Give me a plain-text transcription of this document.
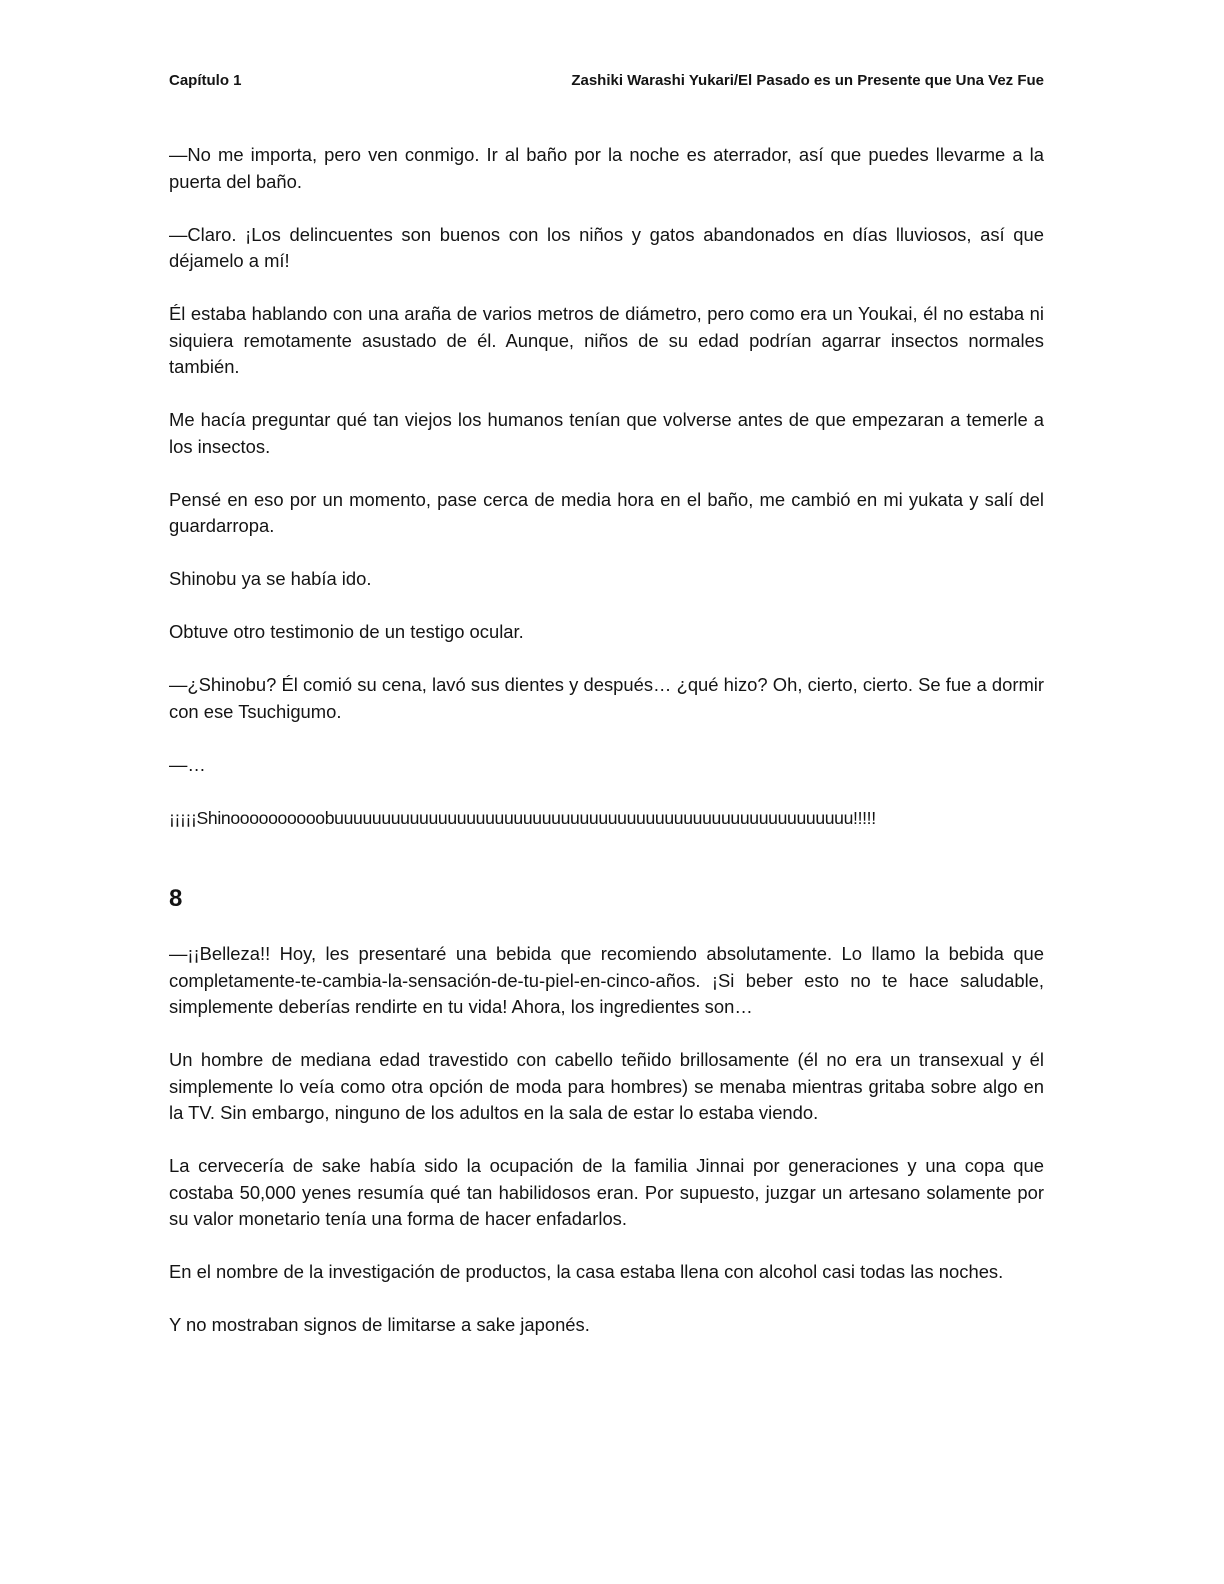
Capítulo 1	Zashiki Warashi Yukari/El Pasado es un Presente que Una Vez Fue

—No me importa, pero ven conmigo. Ir al baño por la noche es aterrador, así que puedes llevarme a la puerta del baño.

—Claro. ¡Los delincuentes son buenos con los niños y gatos abandonados en días lluviosos, así que déjamelo a mí!

Él estaba hablando con una araña de varios metros de diámetro, pero como era un Youkai, él no estaba ni siquiera remotamente asustado de él. Aunque, niños de su edad podrían agarrar insectos normales también.

Me hacía preguntar qué tan viejos los humanos tenían que volverse antes de que empezaran a temerle a los insectos.

Pensé en eso por un momento, pase cerca de media hora en el baño, me cambió en mi yukata y salí del guardarropa.

Shinobu ya se había ido.

Obtuve otro testimonio de un testigo ocular.

—¿Shinobu? Él comió su cena, lavó sus dientes y después… ¿qué hizo? Oh, cierto, cierto. Se fue a dormir con ese Tsuchigumo.

—…

¡¡¡¡¡Shinoooooooooobuuuuuuuuuuuuuuuuuuuuuuuuuuuuuuuuuuuuuuuuuuuuuuuuuuuuuuu!!!!!

8

—¡¡Belleza!! Hoy, les presentaré una bebida que recomiendo absolutamente. Lo llamo la bebida que completamente-te-cambia-la-sensación-de-tu-piel-en-cinco-años. ¡Si beber esto no te hace saludable, simplemente deberías rendirte en tu vida! Ahora, los ingredientes son…

Un hombre de mediana edad travestido con cabello teñido brillosamente (él no era un transexual y él simplemente lo veía como otra opción de moda para hombres) se menaba mientras gritaba sobre algo en la TV. Sin embargo, ninguno de los adultos en la sala de estar lo estaba viendo.

La cervecería de sake había sido la ocupación de la familia Jinnai por generaciones y una copa que costaba 50,000 yenes resumía qué tan habilidosos eran. Por supuesto, juzgar un artesano solamente por su valor monetario tenía una forma de hacer enfadarlos.

En el nombre de la investigación de productos, la casa estaba llena con alcohol casi todas las noches.

Y no mostraban signos de limitarse a sake japonés.
